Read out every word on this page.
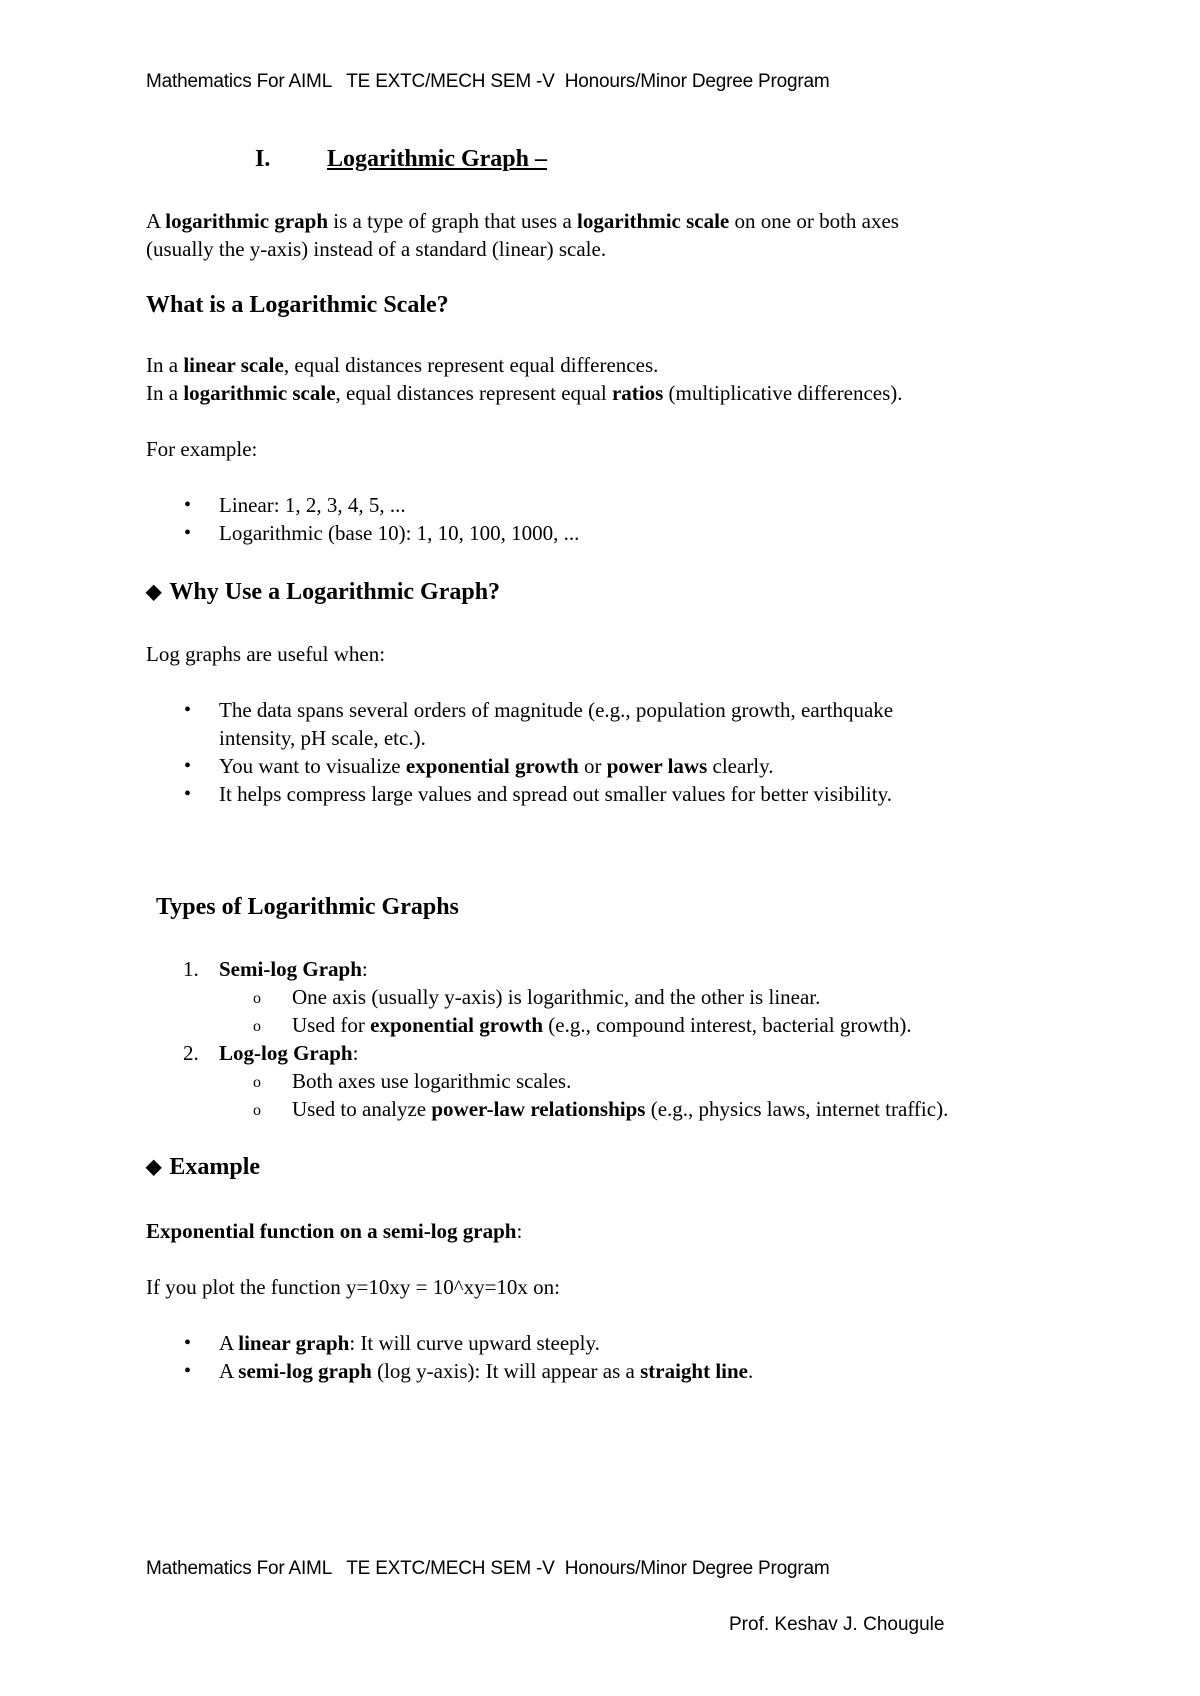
Mathematics For AIML   TE EXTC/MECH SEM -V  Honours/Minor Degree Program
I. Logarithmic Graph –
A logarithmic graph is a type of graph that uses a logarithmic scale on one or both axes
(usually the y-axis) instead of a standard (linear) scale.
What is a Logarithmic Scale?
In a linear scale, equal distances represent equal differences.
In a logarithmic scale, equal distances represent equal ratios (multiplicative differences).
For example:
• Linear: 1, 2, 3, 4, 5, ...
• Logarithmic (base 10): 1, 10, 100, 1000, ...
◆ Why Use a Logarithmic Graph?
Log graphs are useful when:
• The data spans several orders of magnitude (e.g., population growth, earthquake
intensity, pH scale, etc.).
• You want to visualize exponential growth or power laws clearly.
• It helps compress large values and spread out smaller values for better visibility.
Types of Logarithmic Graphs
1. Semi-log Graph:
o One axis (usually y-axis) is logarithmic, and the other is linear.
o Used for exponential growth (e.g., compound interest, bacterial growth).
2. Log-log Graph:
o Both axes use logarithmic scales.
o Used to analyze power-law relationships (e.g., physics laws, internet traffic).
◆ Example
Exponential function on a semi-log graph:
If you plot the function y=10xy = 10^xy=10x on:
• A linear graph: It will curve upward steeply.
• A semi-log graph (log y-axis): It will appear as a straight line.
Mathematics For AIML   TE EXTC/MECH SEM -V  Honours/Minor Degree Program
Prof. Keshav J. Chougule
